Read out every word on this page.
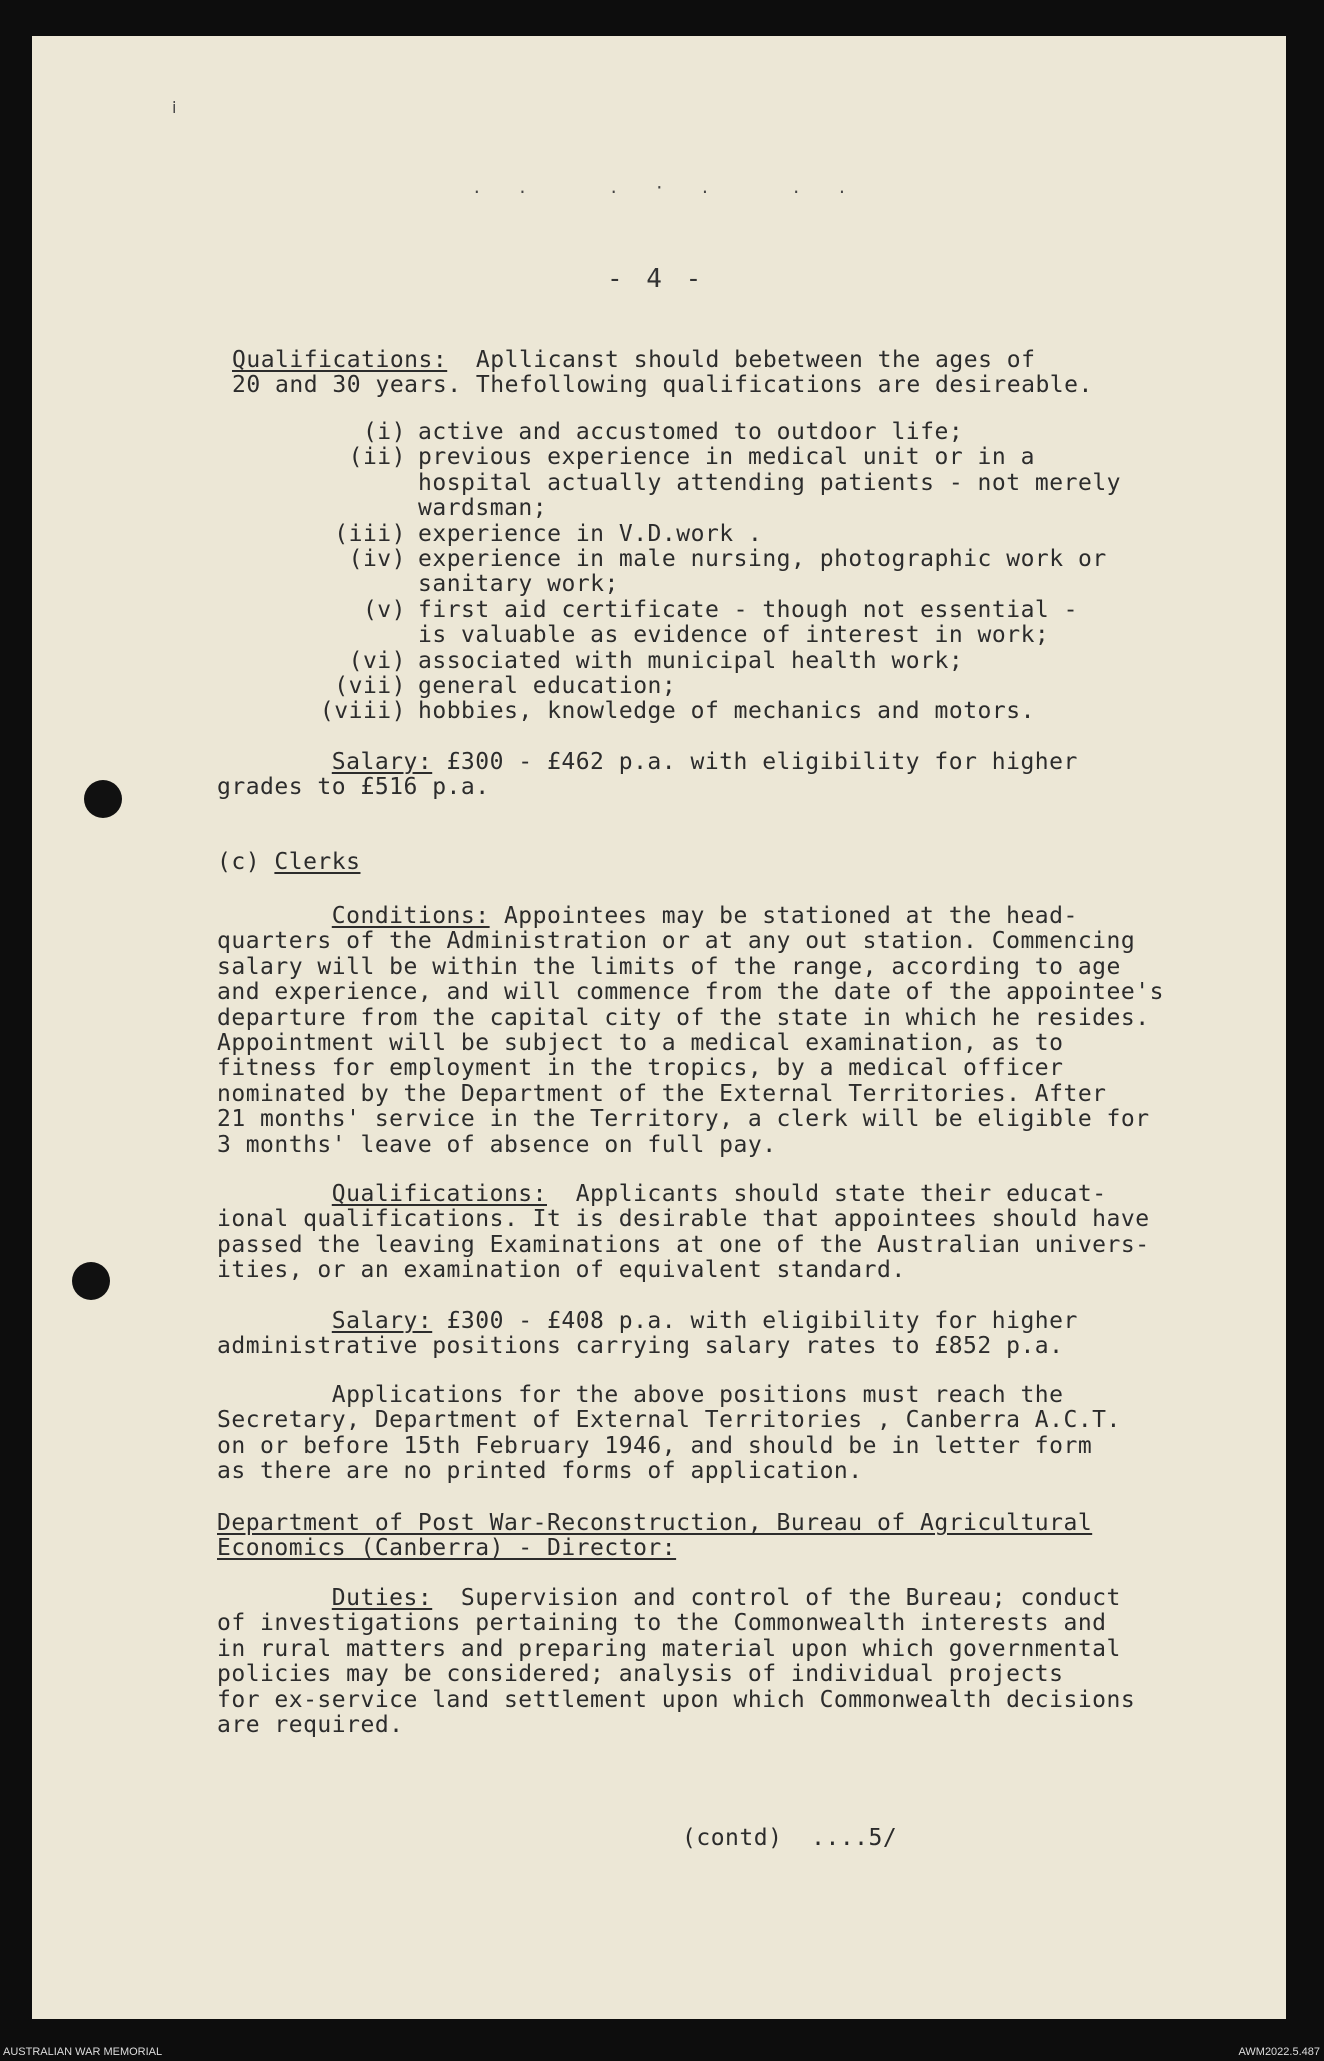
ⅰ
.. .·. ..
- 4 -
Qualifications:  Apllicanst should bebetween the ages of
20 and 30 years. Thefollowing qualifications are desireable.
(i) active and accustomed to outdoor life;
(ii) previous experience in medical unit or in a
hospital actually attending patients - not merely
wardsman;
(iii) experience in V.D.work .
(iv) experience in male nursing, photographic work or
sanitary work;
(v) first aid certificate - though not essential -
is valuable as evidence of interest in work;
(vi) associated with municipal health work;
(vii) general education;
(viii) hobbies, knowledge of mechanics and motors.
Salary: £300 - £462 p.a. with eligibility for higher
grades to £516 p.a.
(c) Clerks
Conditions: Appointees may be stationed at the head-
quarters of the Administration or at any out station. Commencing
salary will be within the limits of the range, according to age
and experience, and will commence from the date of the appointee's
departure from the capital city of the state in which he resides.
Appointment will be subject to a medical examination, as to
fitness for employment in the tropics, by a medical officer
nominated by the Department of the External Territories. After
21 months' service in the Territory, a clerk will be eligible for
3 months' leave of absence on full pay.
Qualifications:  Applicants should state their educat-
ional qualifications. It is desirable that appointees should have
passed the leaving Examinations at one of the Australian univers-
ities, or an examination of equivalent standard.
Salary: £300 - £408 p.a. with eligibility for higher
administrative positions carrying salary rates to £852 p.a.
Applications for the above positions must reach the
Secretary, Department of External Territories , Canberra A.C.T.
on or before 15th February 1946, and should be in letter form
as there are no printed forms of application.
Department of Post War-Reconstruction, Bureau of Agricultural
Economics (Canberra) - Director:
Duties:  Supervision and control of the Bureau; conduct
of investigations pertaining to the Commonwealth interests and
in rural matters and preparing material upon which governmental
policies may be considered; analysis of individual projects
for ex-service land settlement upon which Commonwealth decisions
are required.
(contd)  ....5/
AUSTRALIAN WAR MEMORIAL	AWM2022.5.487
